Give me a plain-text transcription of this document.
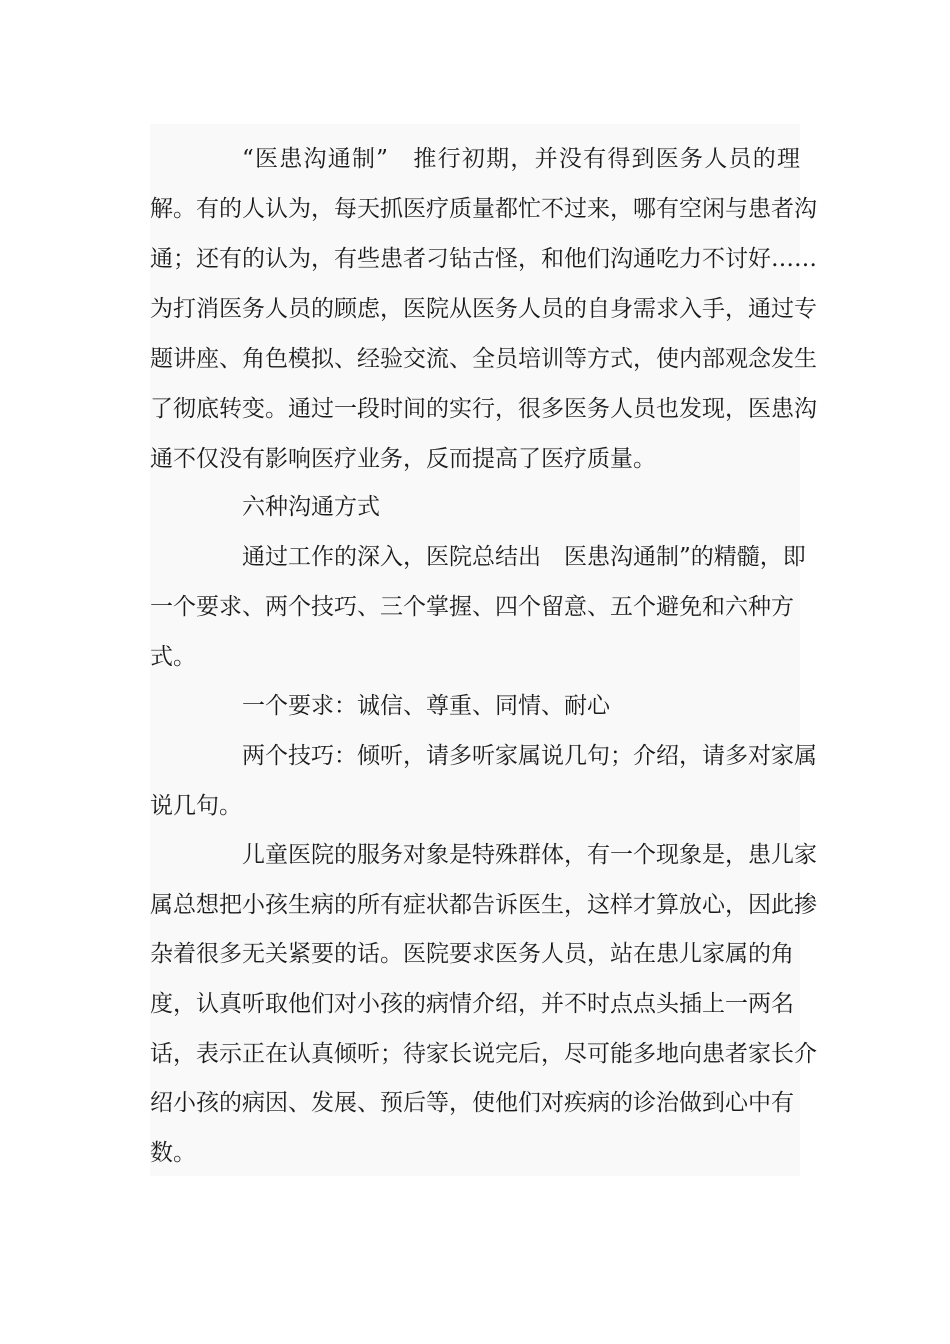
“医患沟通制”　推行初期，并没有得到医务人员的理
解。有的人认为，每天抓医疗质量都忙不过来，哪有空闲与患者沟
通；还有的认为，有些患者刁钻古怪，和他们沟通吃力不讨好……
为打消医务人员的顾虑，医院从医务人员的自身需求入手，通过专
题讲座、角色模拟、经验交流、全员培训等方式，使内部观念发生
了彻底转变。通过一段时间的实行，很多医务人员也发现，医患沟
通不仅没有影响医疗业务，反而提高了医疗质量。
六种沟通方式
通过工作的深入，医院总结出　医患沟通制”的精髓，即
一个要求、两个技巧、三个掌握、四个留意、五个避免和六种方
式。
一个要求：诚信、尊重、同情、耐心
两个技巧：倾听，请多听家属说几句；介绍，请多对家属
说几句。
儿童医院的服务对象是特殊群体，有一个现象是，患儿家
属总想把小孩生病的所有症状都告诉医生，这样才算放心，因此掺
杂着很多无关紧要的话。医院要求医务人员，站在患儿家属的角
度，认真听取他们对小孩的病情介绍，并不时点点头插上一两名
话，表示正在认真倾听；待家长说完后，尽可能多地向患者家长介
绍小孩的病因、发展、预后等，使他们对疾病的诊治做到心中有
数。
